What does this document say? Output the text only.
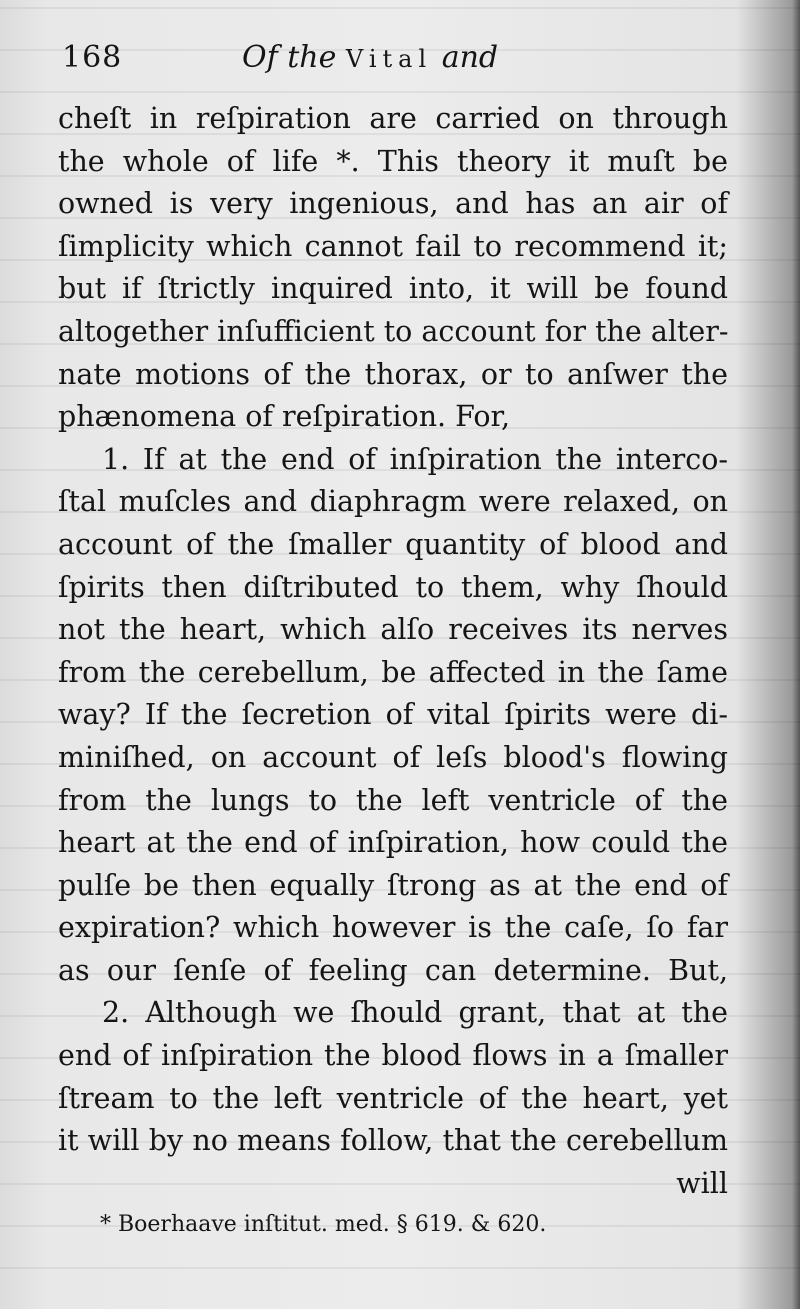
168	Of the Vital and
cheſt in reſpiration are carried on through
the whole of life *. This theory it muſt be
owned is very ingenious, and has an air of
ſimplicity which cannot fail to recommend it;
but if ſtrictly inquired into, it will be found
altogether inſufficient to account for the alter-
nate motions of the thorax, or to anſwer the
phænomena of reſpiration. For,
1. If at the end of inſpiration the interco-
ſtal muſcles and diaphragm were relaxed, on
account of the ſmaller quantity of blood and
ſpirits then diſtributed to them, why ſhould
not the heart, which alſo receives its nerves
from the cerebellum, be affected in the ſame
way? If the ſecretion of vital ſpirits were di-
miniſhed, on account of leſs blood's flowing
from the lungs to the left ventricle of the
heart at the end of inſpiration, how could the
pulſe be then equally ſtrong as at the end of
expiration? which however is the caſe, ſo far
as our ſenſe of feeling can determine. But,
2. Although we ſhould grant, that at the
end of inſpiration the blood flows in a ſmaller
ſtream to the left ventricle of the heart, yet
it will by no means follow, that the cerebellum
will
* Boerhaave inſtitut. med. § 619. & 620.
